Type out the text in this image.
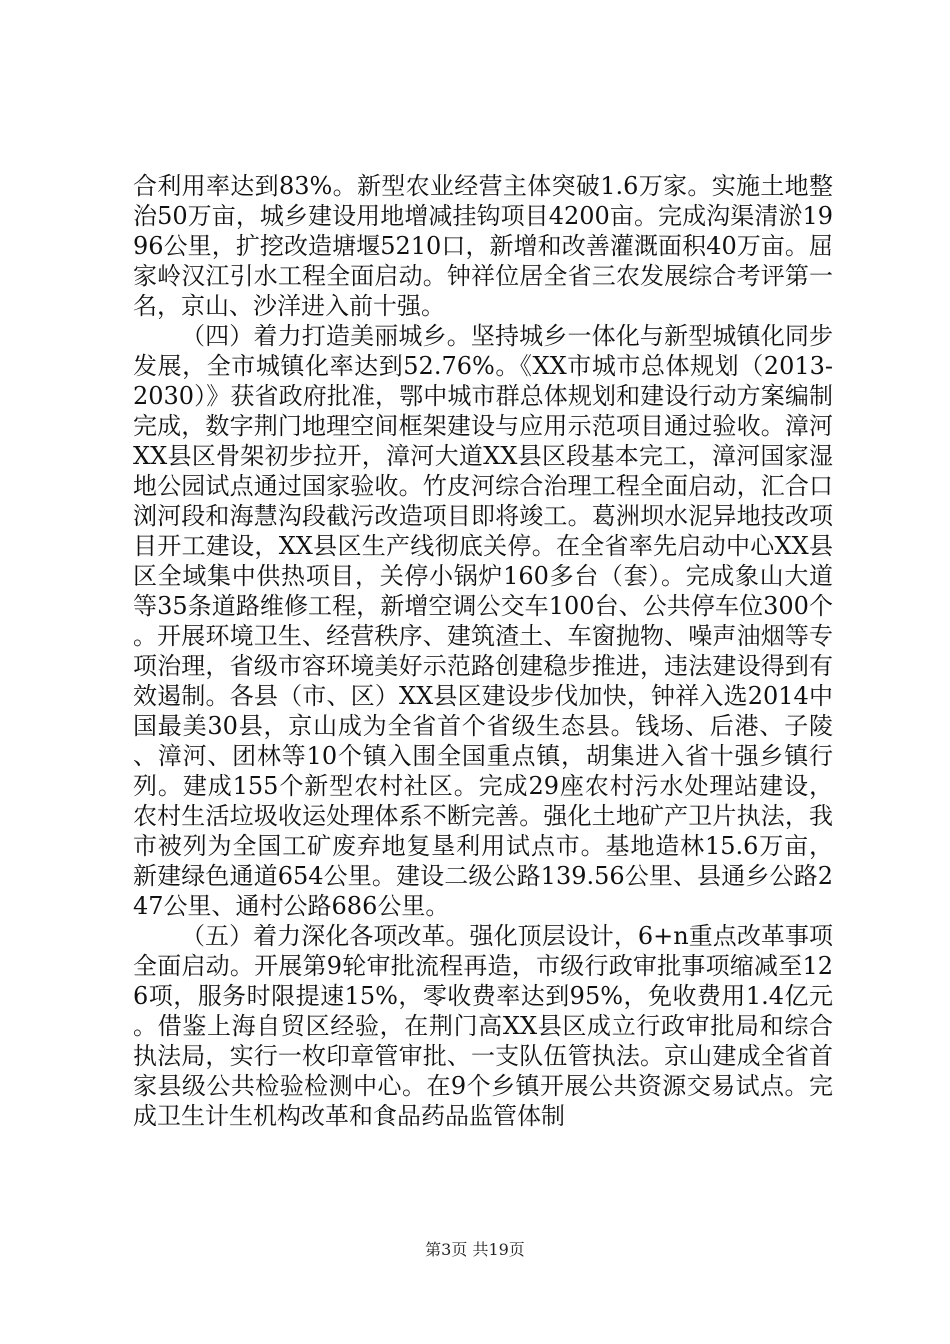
合利用率达到83%。新型农业经营主体突破1.6万家。实施土地整治50万亩，城乡建设用地增减挂钩项目4200亩。完成沟渠清淤1996公里，扩挖改造塘堰5210口，新增和改善灌溉面积40万亩。屈家岭汉江引水工程全面启动。钟祥位居全省三农发展综合考评第一名，京山、沙洋进入前十强。

（四）着力打造美丽城乡。坚持城乡一体化与新型城镇化同步发展，全市城镇化率达到52.76%。《XX市城市总体规划（2013-2030）》获省政府批准，鄂中城市群总体规划和建设行动方案编制完成，数字荆门地理空间框架建设与应用示范项目通过验收。漳河XX县区骨架初步拉开，漳河大道XX县区段基本完工，漳河国家湿地公园试点通过国家验收。竹皮河综合治理工程全面启动，汇合口浏河段和海慧沟段截污改造项目即将竣工。葛洲坝水泥异地技改项目开工建设，XX县区生产线彻底关停。在全省率先启动中心XX县区全域集中供热项目，关停小锅炉160多台（套）。完成象山大道等35条道路维修工程，新增空调公交车100台、公共停车位300个。开展环境卫生、经营秩序、建筑渣土、车窗抛物、噪声油烟等专项治理，省级市容环境美好示范路创建稳步推进，违法建设得到有效遏制。各县（市、区）XX县区建设步伐加快，钟祥入选2014中国最美30县，京山成为全省首个省级生态县。钱场、后港、子陵、漳河、团林等10个镇入围全国重点镇，胡集进入省十强乡镇行列。建成155个新型农村社区。完成29座农村污水处理站建设，农村生活垃圾收运处理体系不断完善。强化土地矿产卫片执法，我市被列为全国工矿废弃地复垦利用试点市。基地造林15.6万亩，新建绿色通道654公里。建设二级公路139.56公里、县通乡公路247公里、通村公路686公里。

（五）着力深化各项改革。强化顶层设计，6+n重点改革事项全面启动。开展第9轮审批流程再造，市级行政审批事项缩减至126项，服务时限提速15%，零收费率达到95%，免收费用1.4亿元。借鉴上海自贸区经验，在荆门高XX县区成立行政审批局和综合执法局，实行一枚印章管审批、一支队伍管执法。京山建成全省首家县级公共检验检测中心。在9个乡镇开展公共资源交易试点。完成卫生计生机构改革和食品药品监管体制

第3页 共19页
